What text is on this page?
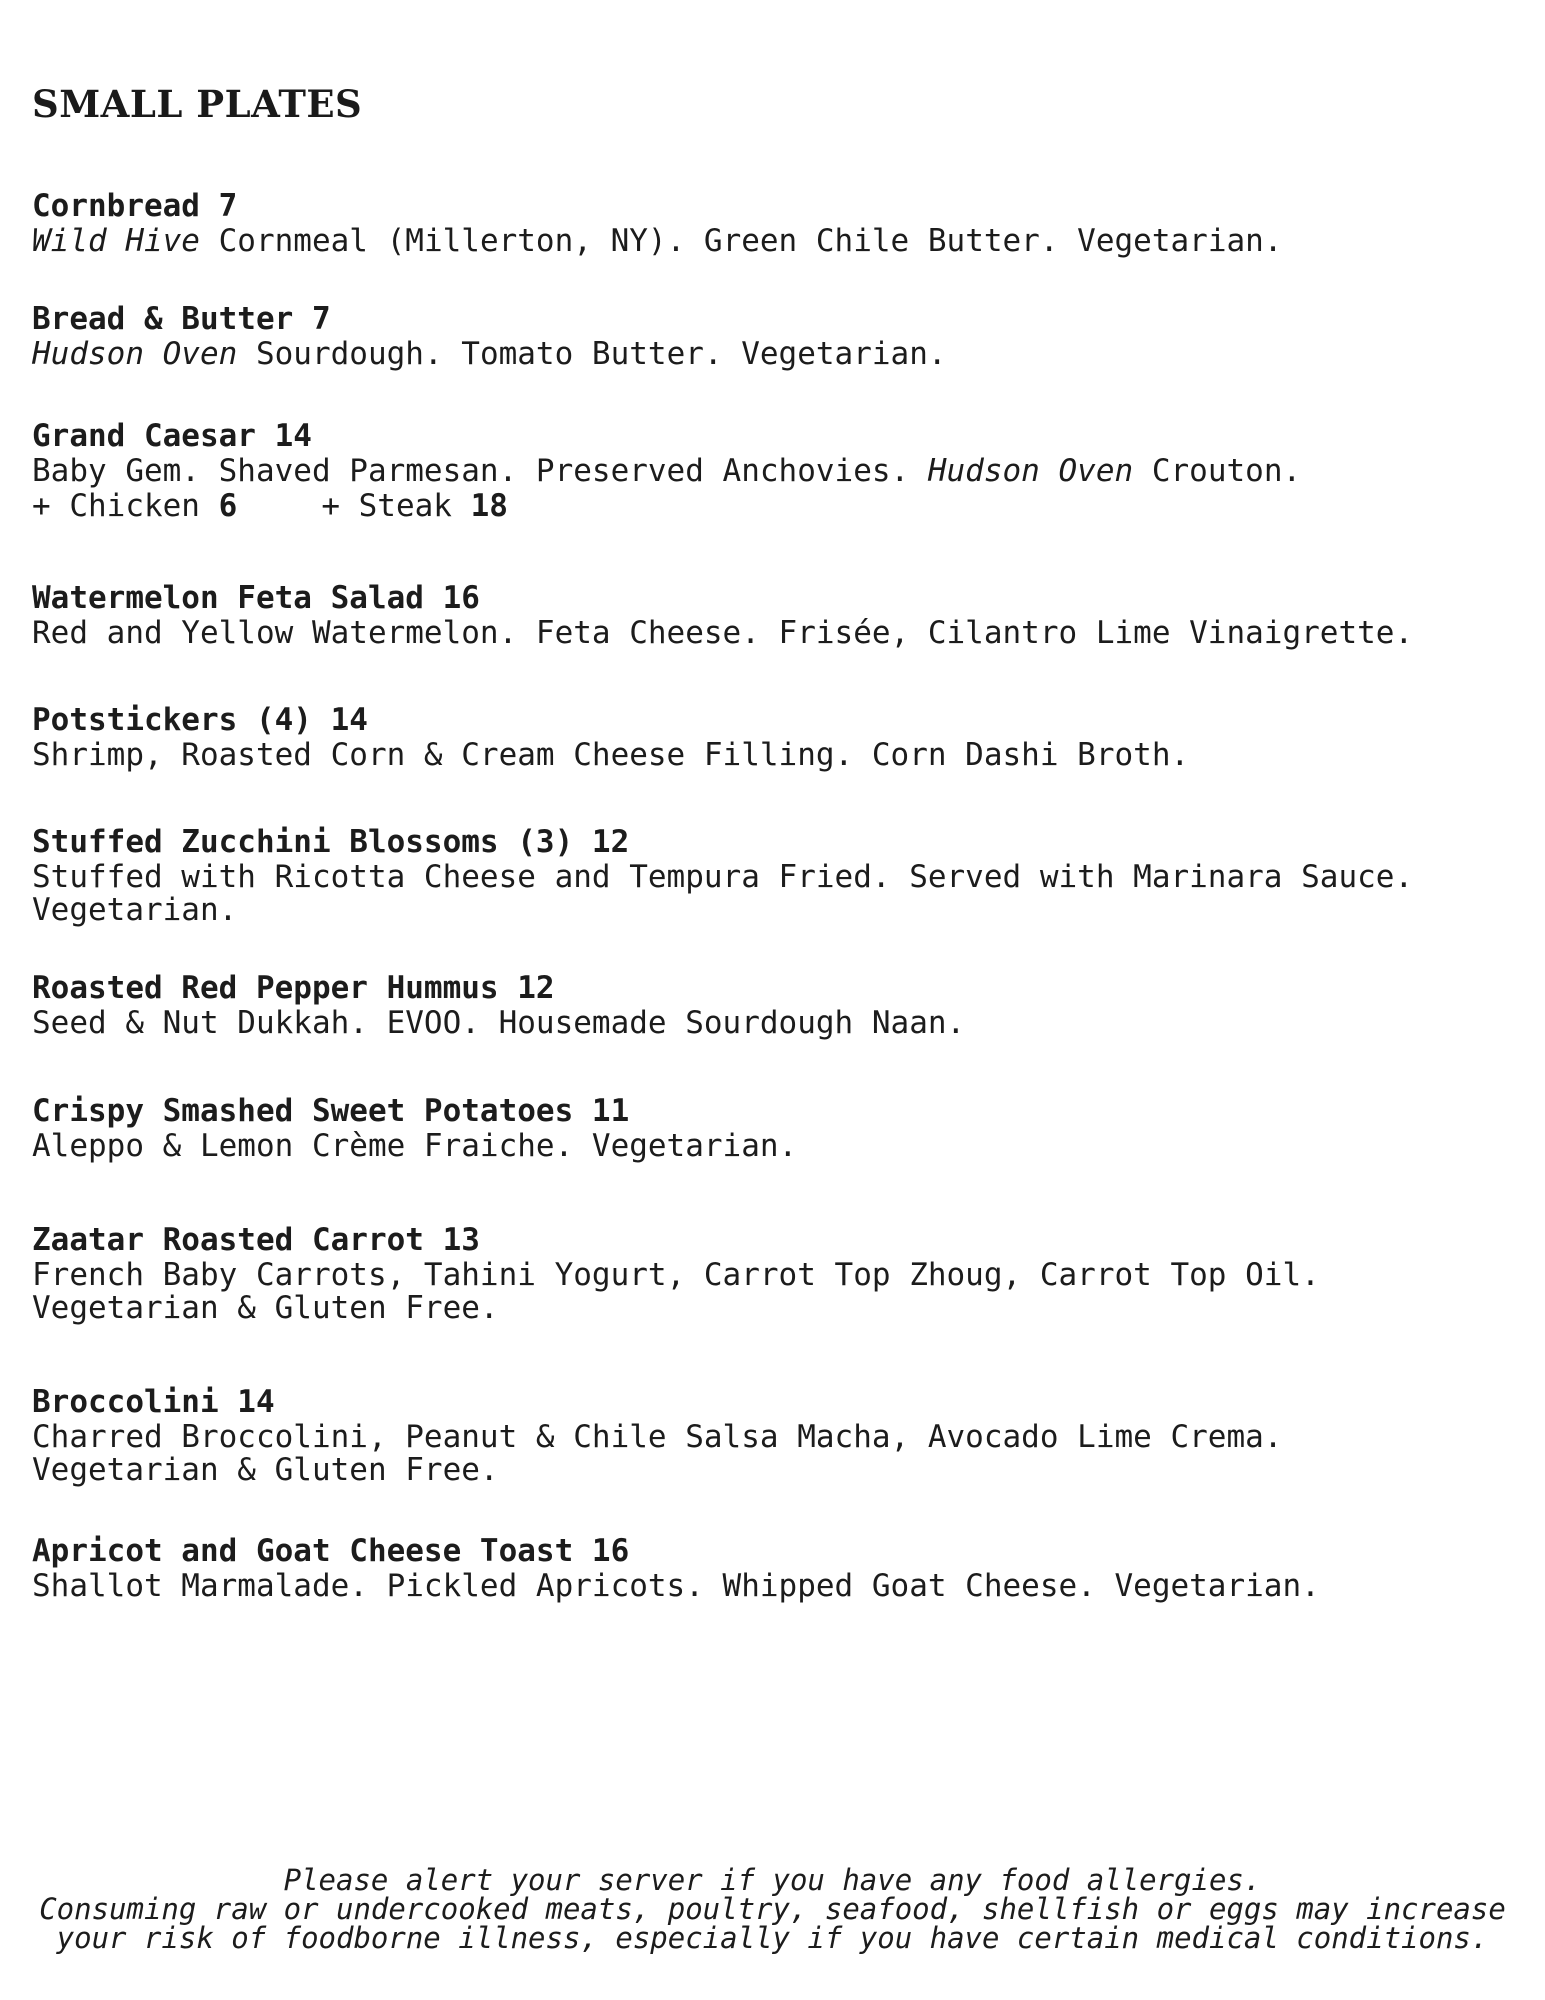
SMALL PLATES
Cornbread 7
Wild Hive Cornmeal (Millerton, NY). Green Chile Butter. Vegetarian.
Bread & Butter 7
Hudson Oven Sourdough. Tomato Butter. Vegetarian.
Grand Caesar 14
Baby Gem. Shaved Parmesan. Preserved Anchovies. Hudson Oven Crouton.
+ Chicken 6	+ Steak 18
Watermelon Feta Salad 16
Red and Yellow Watermelon. Feta Cheese. Frisée, Cilantro Lime Vinaigrette.
Potstickers (4) 14
Shrimp, Roasted Corn & Cream Cheese Filling. Corn Dashi Broth.
Stuffed Zucchini Blossoms (3) 12
Stuffed with Ricotta Cheese and Tempura Fried. Served with Marinara Sauce.
Vegetarian.
Roasted Red Pepper Hummus 12
Seed & Nut Dukkah. EVOO. Housemade Sourdough Naan.
Crispy Smashed Sweet Potatoes 11
Aleppo & Lemon Crème Fraiche. Vegetarian.
Zaatar Roasted Carrot 13
French Baby Carrots, Tahini Yogurt, Carrot Top Zhoug, Carrot Top Oil.
Vegetarian & Gluten Free.
Broccolini 14
Charred Broccolini, Peanut & Chile Salsa Macha, Avocado Lime Crema.
Vegetarian & Gluten Free.
Apricot and Goat Cheese Toast 16
Shallot Marmalade. Pickled Apricots. Whipped Goat Cheese. Vegetarian.
Please alert your server if you have any food allergies.
Consuming raw or undercooked meats, poultry, seafood, shellfish or eggs may increase
your risk of foodborne illness, especially if you have certain medical conditions.
